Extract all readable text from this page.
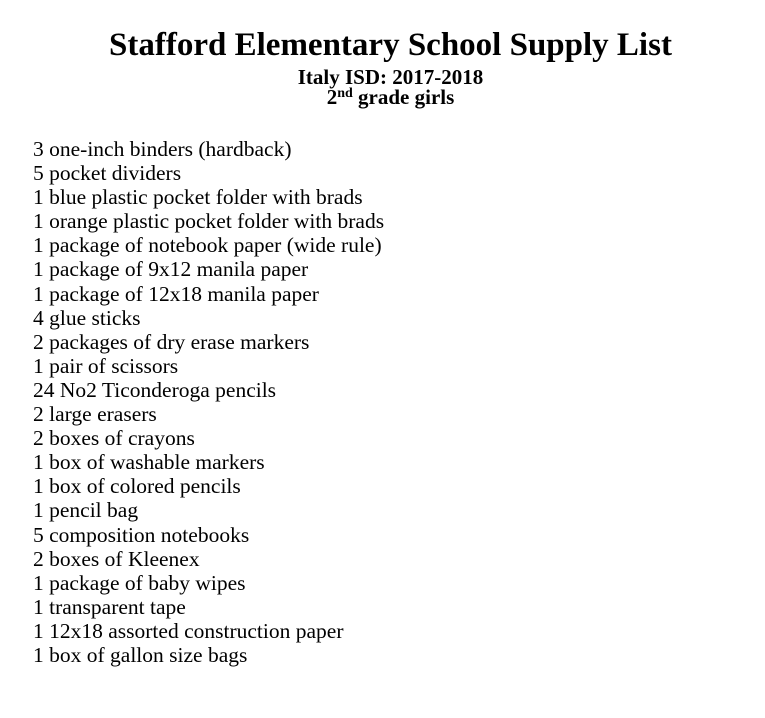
Stafford Elementary School Supply List
Italy ISD: 2017-2018
2nd grade girls
3 one-inch binders (hardback)
5 pocket dividers
1 blue plastic pocket folder with brads
1 orange plastic pocket folder with brads
1 package of notebook paper (wide rule)
1 package of 9x12 manila paper
1 package of 12x18 manila paper
4 glue sticks
2 packages of dry erase markers
1 pair of scissors
24 No2 Ticonderoga pencils
2 large erasers
2 boxes of crayons
1 box of washable markers
1 box of colored pencils
1 pencil bag
5 composition notebooks
2 boxes of Kleenex
1 package of baby wipes
1 transparent tape
1 12x18 assorted construction paper
1 box of gallon size bags
